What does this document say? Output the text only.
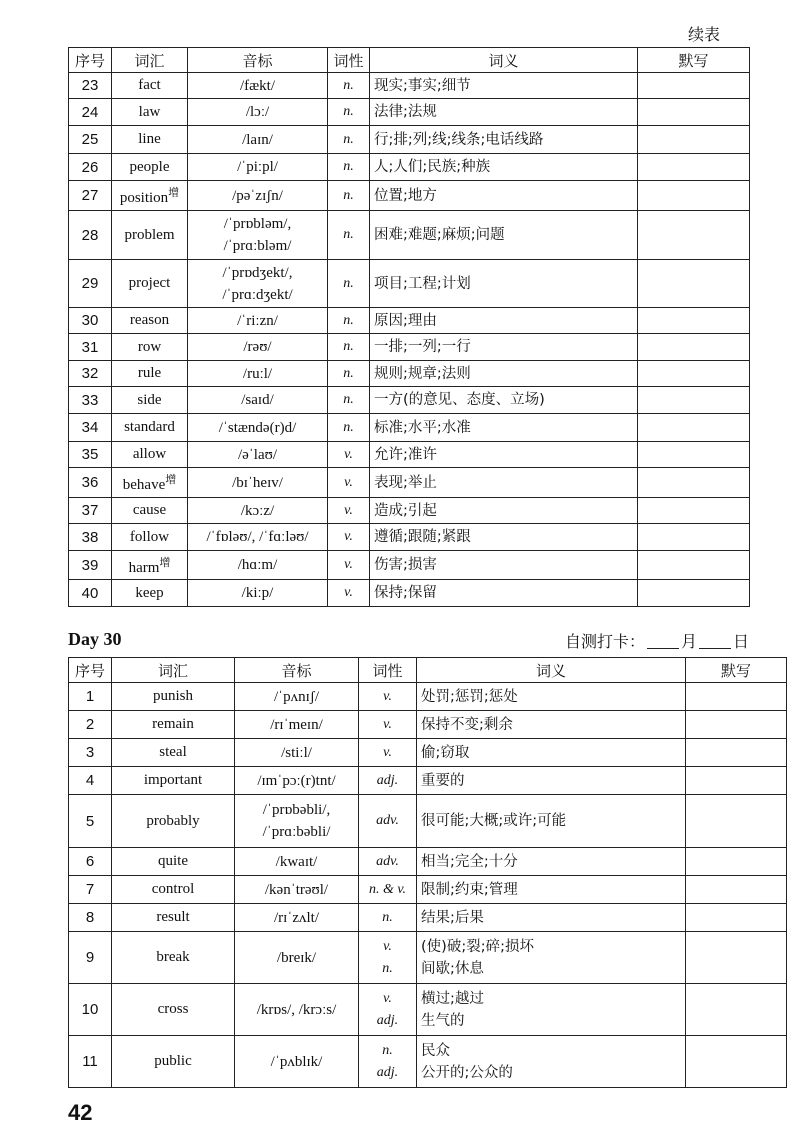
续表
序号	词汇	音标	词性	词义	默写
23	fact	/fækt/	n.	现实;事实;细节	

24	law	/lɔː/	n.	法律;法规	

25	line	/laɪn/	n.	行;排;列;线;线条;电话线路	

26	people	/ˈpiːpl/	n.	人;人们;民族;种族	

27	position$^增$	/pəˈzɪʃn/	n.	位置;地方	

28	problem	/ˈprɒbləm/,
/ˈprɑːbləm/	n.	困难;难题;麻烦;问题	

29	project	/ˈprɒdʒekt/,
/ˈprɑːdʒekt/	n.	项目;工程;计划	

30	reason	/ˈriːzn/	n.	原因;理由	

31	row	/rəʊ/	n.	一排;一列;一行	

32	rule	/ruːl/	n.	规则;规章;法则	

33	side	/saɪd/	n.	一方(的意见、态度、立场)	

34	standard	/ˈstændə(r)d/	n.	标准;水平;水准	

35	allow	/əˈlaʊ/	v.	允许;准许	

36	behave$^增$	/bɪˈheɪv/	v.	表现;举止	

37	cause	/kɔːz/	v.	造成;引起	

38	follow	/ˈfɒləʊ/, /ˈfɑːləʊ/	v.	遵循;跟随;紧跟	

39	harm$^增$	/hɑːm/	v.	伤害;损害	

40	keep	/kiːp/	v.	保持;保留	

Day 30	自测打卡： 月 日
序号	词汇	音标	词性	词义	默写
1	punish	/ˈpʌnɪʃ/	v.	处罚;惩罚;惩处	

2	remain	/rɪˈmeɪn/	v.	保持不变;剩余	

3	steal	/stiːl/	v.	偷;窃取	

4	important	/ɪmˈpɔː(r)tnt/	adj.	重要的	

5	probably	/ˈprɒbəbli/,
/ˈprɑːbəbli/	adv.	很可能;大概;或许;可能	

6	quite	/kwaɪt/	adv.	相当;完全;十分	

7	control	/kənˈtrəʊl/	n. & v.	限制;约束;管理	

8	result	/rɪˈzʌlt/	n.	结果;后果	

9	break	/breɪk/	v.
n.	(使)破;裂;碎;损坏
间歇;休息	

10	cross	/krɒs/, /krɔːs/	v.
adj.	横过;越过
生气的	

11	public	/ˈpʌblɪk/	n.
adj.	民众
公开的;公众的	

42
